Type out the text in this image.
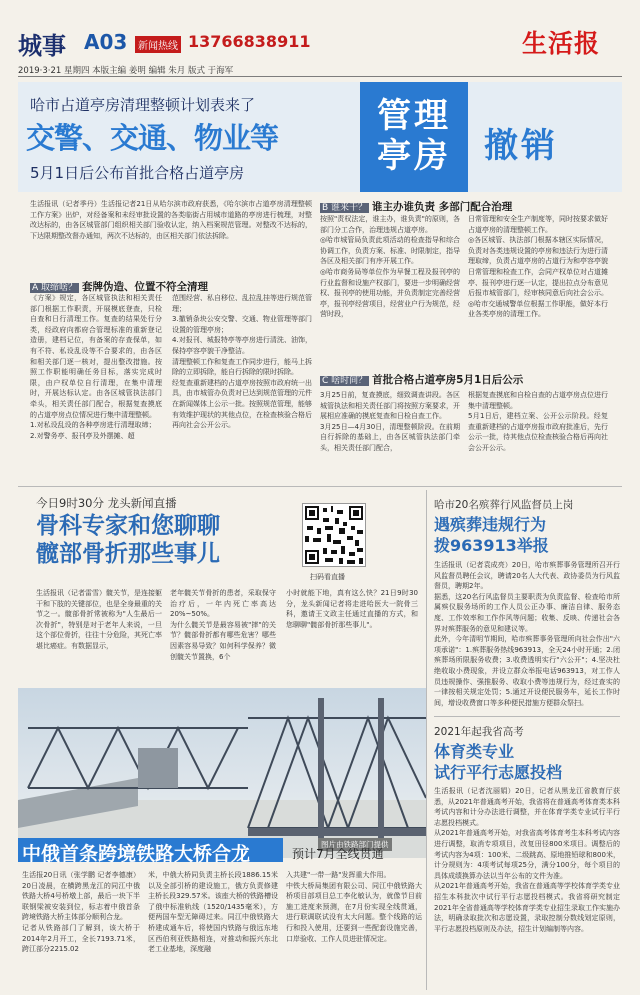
城事 A03	新闻热线 13766838911	生活报
2019·3·21 星期四 本版主编 姜明 编辑 朱月 版式 于海军
哈市占道亭房清理整顿计划表来了
交警、交通、物业等
5月1日后公布首批合格占道亭房
管理亭房 撤销
生活报讯（记者季丹）生活报记者21日从哈尔滨市政府获悉，《哈尔滨市占道亭房清理整顿工作方案》出炉，对经备案和未经审批设置的各类临街占用城市道路的亭房进行梳理，对整改达标的，由各区城管部门组织相关部门验收认定，纳入档案规范管理。对整改不达标的，下达限期整改督办通知，两次不达标的，由区相关部门依法拆除。
A 取缔啥？ 套牌伪造、位置不符全清理
《方案》规定，各区城管执法和相关责任部门根据工作职责，开展模底登查，只检自查和日行清理工作。复查的结果处行分类，经政府向都府合管理标准的重新登记造册，建档记位，有备案的存查保单，如有不符、私设乱设等不合要求的，由各区和相关部门逐一核对，提出整改措施。按照工作职能明确任务目标，落实完成时限，由户权单位自行清理，在集中清理时，开展达标认定。由各区城管执法部门牵头，相关责任部门配合，根据复查摸底的占道亭房点位情况进行集中清理整顿。
1.对私设乱设的各种亭房进行清理取缔；
2.对警务亭、报刊亭及外摆摊、超
范围经营、私自移位、乱拉乱挂等进行规范管理；
3.撤销条块公安交警、交通、物业管理等部门设置的管理亭房；
4.对报刊、城报特亭等亭房进行清洗、油饰，保持亭容亭貌干净整洁。
清理整顿工作和复查工作同步进行，能马上拆除的立即拆除，能自行拆除的限时拆除。
经复查重新建档的占道亭房按照市政府统一出具，由市城管办负责对已达到规范管理的元件在新闻媒体上公示一批。按照规范管理，能够有效维护现状的其他点位，在检查核验合格后再向社会公开公示。
B 谁来干？ 谁主办谁负责 多部门配合治理
按照"责权法定，谁主办，谁负责"的原则，各部门分工合作，治理违规占道亭房。
◎哈市城管局负责此项活动的检查指导和综合协调工作，负责方案、标准、时限制定，指导各区及相关部门有序开展工作。
◎哈市商务局等单位作为早餐工程及报刊亭的行业监督和设施产权部门，要进一步明确经营权、报刊亭的使用功能，并负责制定完善经营亭，报刊亭经营项目，经营业户行为规范，经营时段，
日常管理和安全生产制度等，同时按要求做好占道亭房的清理整顿工作。
◎各区城管、执法部门根据本辖区实际情况，负责对各类违规设置的亭房和违法行为进行清理取缔，负责占道亭房的占道行为和亭容亭貌日常管理和检查工作，会同产权单位对占道摊亭、报刊亭进行逐一认定，提出拉点分布意见后报市城管部门，经审核同意后向社会公示。
◎哈市交通城警单位根据工作职能，做好本行业各类亭房的清理工作。
C 啥时间？ 首批合格占道亭房5月1日后公示
3月25日前，复查摸底，细致调查讲段。各区城管执法和相关责任部门将按照方案要求，开展相应准确的摸底复查和日检自查工作。
3月25日—4月30日，清理整顿阶段。在前期自行拆除的基础上，由各区城管执法部门牵头，相关责任部门配合，
根据复查摸底和自检自查的占道亭房点位进行集中清理整顿。
5月1日后，建档立案、公开公示阶段。经复查重新建档的占道亭房报市政府批准后，先行公示一批，待其他点位检查核验合格后再向社会公开公示。
今日9时30分 龙头新闻直播
骨科专家和您聊聊
髋部骨折那些事儿
扫码看直播
生活报讯（记者雷雪）髋关节，是连接躯干和下肢的关键部位，也是全身最重的关节之一。髋部骨折常被称为"人生最后一次骨折"，特别是对于老年人来说，一旦这个部位骨折，往往十分危险，其死亡率堪比癌症。有数据显示，
老年髋关节骨折的患者，采取保守治疗后，一年内死亡率高达20%~50%。
为什么髋关节是最容易被"摔"的关节？髋部骨折都有哪些危害？哪些因素容易导致？如何科学保养？微创髋关节置换，6个
小时就能下地，真有这么快？21日9时30分，龙头新闻记者将走进哈医大一院骨三科，邀请王文政主任通过直播的方式，和您聊聊"髋部骨折那些事儿"。
哈市20名殡葬行风监督员上岗
遇殡葬违规行为
拨963913举报
生活报讯（记者袁成亮）20日，哈市殡葬事务管理所召开行风监督员聘任会议，聘请20名人大代表、政协委员为行风监督员，聘期2年。
据悉，这20名行风监督员主要职责为负责监督、检查哈市所属殡仪服务场所的工作人员公正办事、廉洁自律、服务态度、工作效率和工作作风等问题；收集、反映、传递社会各界对殡葬服务的意见和建议等。
此外，今年清明节期间，哈市殡葬事务管理所向社会作出"六项承诺"：1.殡葬服务热线963913，全天24小时开通；2.闭殡葬场所限服务收费；3.收费透明实行"六公开"；4.坚决杜绝收取小费现象，并设立群众举报电话963913，对工作人员违规操作、强推服务、收取小费等违规行为，经过查实的一律按相关规定处罚；5.通过开设便民服务车，延长工作时间，增设收费窗口等多种便民措施方便群众祭扫。
2021年起我省高考
体育类专业
试行平行志愿投档
生活报讯（记者沈丽娟）20日，记者从黑龙江省教育厅获悉，从2021年普通高考开始，我省将在普通高考体育类本科考试内容和计分办法进行调整，并在体育学类专业试行平行志愿投档模式。
从2021年普通高考开始，对我省高考体育考生本科考试内容进行调整，取消专项项目，改复田径800米项目。调整后的考试内容为4项：100米、二级跳高、原地推铅球和800米，计分规则为：4项考试每项25分，满分100分，每个项目的具体成绩换算办法以当年公布的文件为准。
从2021年普通高考开始，我省在普通高等学校体育学类专业招生本科批次中试行平行志愿投档模式。我省将研究制定2021年全省普通高等学校体育学类专业招生录取工作实施办法，明确录取批次和志愿设置，录取控制分数线划定原则，平行志愿投档原则及办法，招生计划编制等内容。
图片由铁路部门提供
中俄首条跨境铁路大桥合龙	预计7月全线贯通
生活报20日讯（张学鹏 记者李德康）20日凌晨，在横跨黑龙江的同江中俄铁路大桥4号桥墩上部，最后一块下半联钢梁被安装到位，标志着中俄首条跨境铁路大桥主体部分顺利合龙。
记者从铁路部门了解到，该大桥于2014年2月开工，全长7193.71米，跨江部分2215.02
米，中俄大桥同负责主桥长段1886.15米以及全部引桥的建设施工，俄方负责修建主桥长段329.57米。该座大桥的铁路槽设了俄中标准轨线（1520/1435毫米），方便两国车型无障碍过来。同江中俄铁路大桥建成通车后，将使国内铁路与俄远东地区西伯利亚铁路相连，对推动和振兴东北老工业基地，深度融
入共建"一带一路"发挥重大作用。
中铁大桥局集团有限公司、同江中俄铁路大桥项目部项目总工李化敏认为，就像节目前施工进度来预测，在7月份实现全线贯通，进行联调联试没有太大问题。整个线路的运行和投入使用，还要到一些配套设施完善，口岸验收、工作人员进驻情况定。
